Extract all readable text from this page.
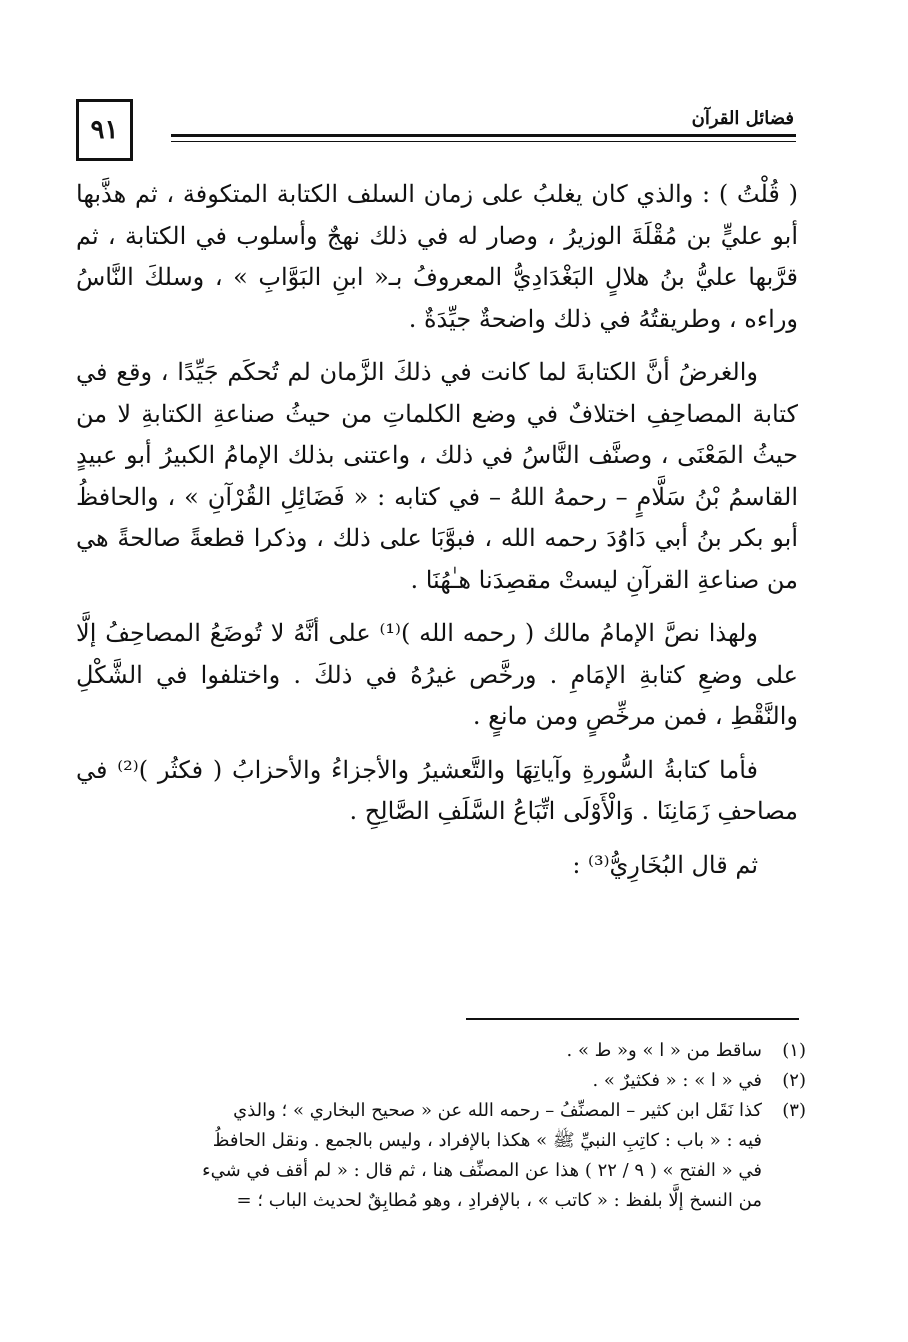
٩١	فضائل القرآن

( قُلْتُ ) : والذي كان يغلبُ على زمان السلف الكتابة المتكوفة ، ثم هذَّبها أبو عليٍّ بن مُقْلَةَ الوزيرُ ، وصار له في ذلك نهجٌ وأسلوب في الكتابة ، ثم قرَّبها عليُّ بنُ هلالٍ البَغْدَادِيُّ المعروفُ بـ« ابنِ البَوَّابِ » ، وسلكَ النَّاسُ وراءه ، وطريقتُهُ في ذلك واضحةٌ جيِّدَةٌ .

والغرضُ أنَّ الكتابةَ لما كانت في ذلكَ الزَّمان لم تُحكَم جَيِّدًا ، وقع في كتابة المصاحِفِ اختلافٌ في وضع الكلماتِ من حيثُ صناعةِ الكتابةِ لا من حيثُ المَعْنَى ، وصنَّف النَّاسُ في ذلك ، واعتنى بذلك الإمامُ الكبيرُ أبو عبيدٍ القاسمُ بْنُ سَلَّامٍ – رحمهُ اللهُ – في كتابه : « فَضَائِلِ القُرْآنِ » ، والحافظُ أبو بكر بنُ أبي دَاوُدَ رحمه الله ، فبوَّبَا على ذلك ، وذكرا قطعةً صالحةً هي من صناعةِ القرآنِ ليستْ مقصِدَنا هـٰهُنَا .

ولهذا نصَّ الإمامُ مالك ( رحمه الله )⁽¹⁾ على أنَّهُ لا تُوضَعُ المصاحِفُ إلَّا على وضعِ كتابةِ الإمَامِ . ورخَّص غيرُهُ في ذلكَ . واختلفوا في الشَّكْلِ والنَّقْطِ ، فمن مرخِّصٍ ومن مانعٍ .

فأما كتابةُ السُّورةِ وآياتِهَا والتَّعشيرُ والأجزاءُ والأحزابُ ( فكثُر )⁽²⁾ في مصاحفِ زَمَانِنَا . وَالْأَوْلَى اتِّبَاعُ السَّلَفِ الصَّالِحِ .

ثم قال البُخَارِيُّ⁽³⁾ :

(١)
ساقط من « ا » و« ط » .
(٢)
في « ا » : « فكثيرٌ » .
(٣)
كذا نَقَل ابن كثير – المصنِّفُ – رحمه الله عن « صحيح البخاري » ؛ والذي
فيه : « باب : كاتِبِ النبيِّ ﷺ » هكذا بالإفراد ، وليس بالجمع . ونقل الحافظُ
في « الفتح » ( ٩ / ٢٢ ) هذا عن المصنِّف هنا ، ثم قال : « لم أقف في شيء
من النسخ إلَّا بلفظ : « كاتب » ، بالإفرادِ ، وهو مُطابِقٌ لحديث الباب ؛ =
